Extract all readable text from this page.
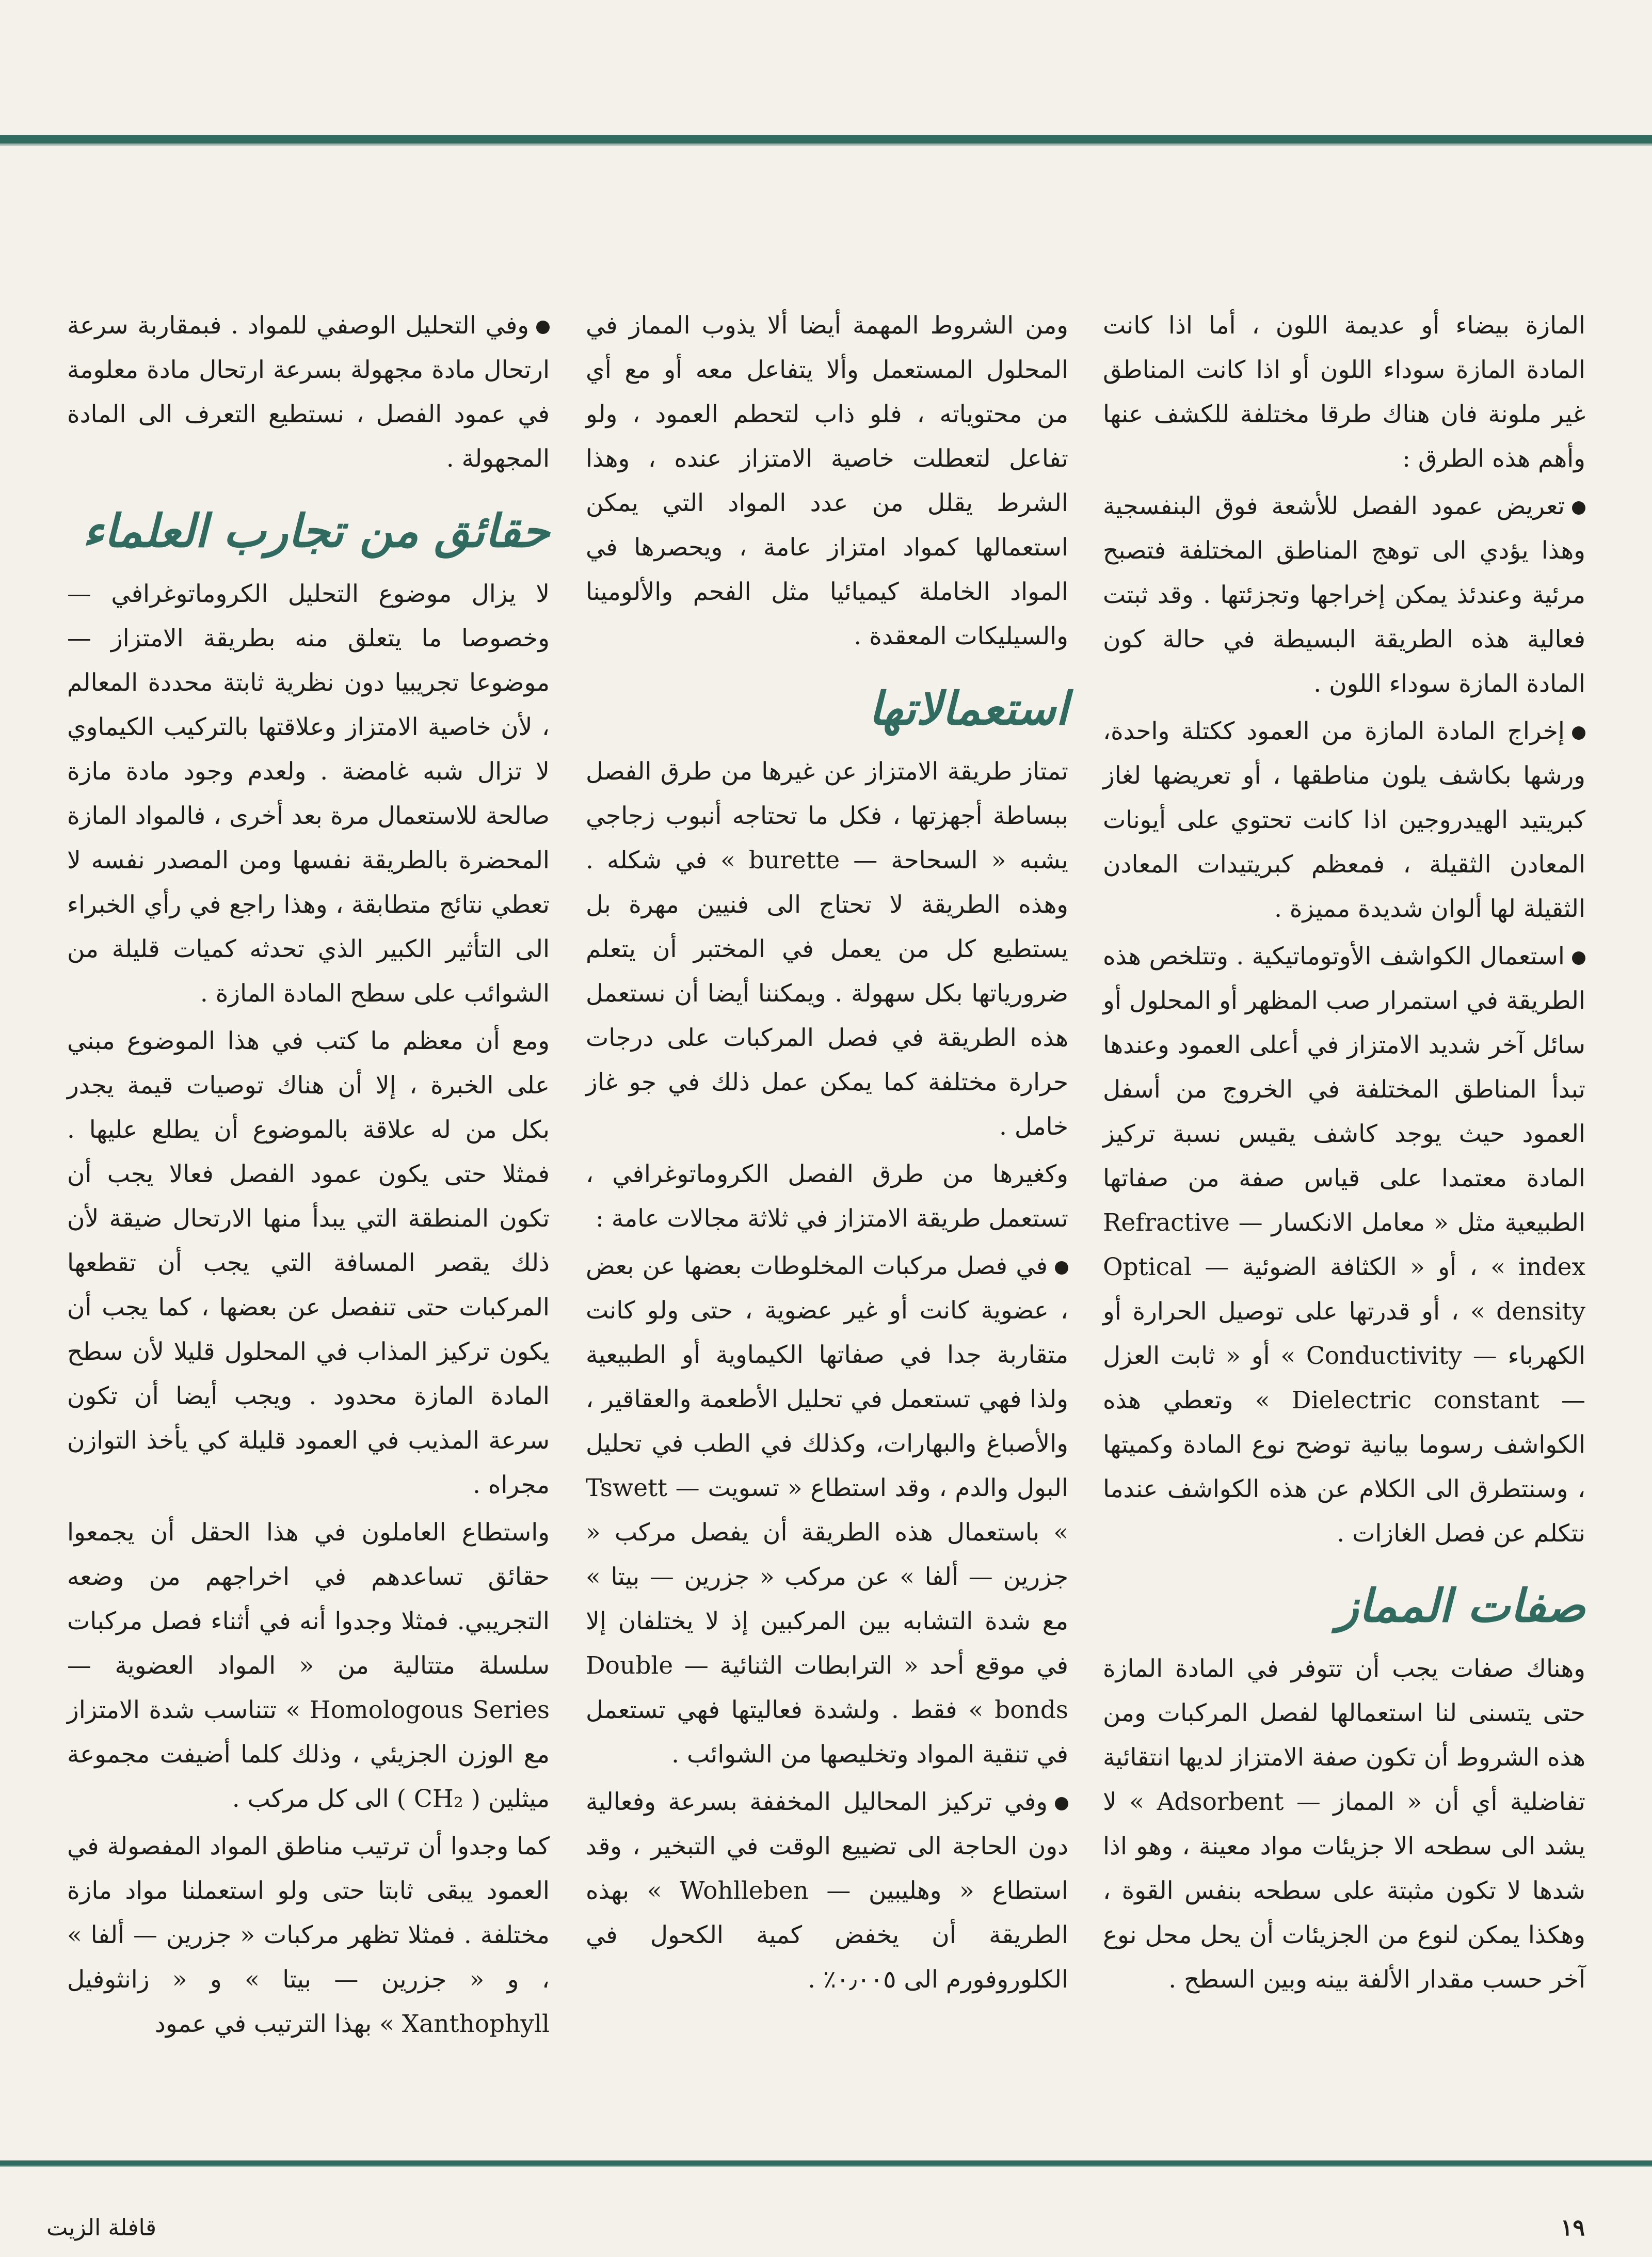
المازة بيضاء أو عديمة اللون ، أما اذا كانت المادة المازة سوداء اللون أو اذا كانت المناطق غير ملونة فان هناك طرقا مختلفة للكشف عنها وأهم هذه الطرق :

تعريض عمود الفصل للأشعة فوق البنفسجية وهذا يؤدي الى توهج المناطق المختلفة فتصبح مرئية وعندئذ يمكن إخراجها وتجزئتها . وقد ثبتت فعالية هذه الطريقة البسيطة في حالة كون المادة المازة سوداء اللون .

إخراج المادة المازة من العمود ككتلة واحدة، ورشها بكاشف يلون مناطقها ، أو تعريضها لغاز كبريتيد الهيدروجين اذا كانت تحتوي على أيونات المعادن الثقيلة ، فمعظم كبريتيدات المعادن الثقيلة لها ألوان شديدة مميزة .

استعمال الكواشف الأوتوماتيكية . وتتلخص هذه الطريقة في استمرار صب المظهر أو المحلول أو سائل آخر شديد الامتزاز في أعلى العمود وعندها تبدأ المناطق المختلفة في الخروج من أسفل العمود حيث يوجد كاشف يقيس نسبة تركيز المادة معتمدا على قياس صفة من صفاتها الطبيعية مثل « معامل الانكسار — Refractive index » ، أو « الكثافة الضوئية — Optical density » ، أو قدرتها على توصيل الحرارة أو الكهرباء — Conductivity » أو « ثابت العزل — Dielectric constant » وتعطي هذه الكواشف رسوما بيانية توضح نوع المادة وكميتها ، وسنتطرق الى الكلام عن هذه الكواشف عندما نتكلم عن فصل الغازات .

صفات المماز

وهناك صفات يجب أن تتوفر في المادة المازة حتى يتسنى لنا استعمالها لفصل المركبات ومن هذه الشروط أن تكون صفة الامتزاز لديها انتقائية تفاضلية أي أن « المماز — Adsorbent » لا يشد الى سطحه الا جزيئات مواد معينة ، وهو اذا شدها لا تكون مثبتة على سطحه بنفس القوة ، وهكذا يمكن لنوع من الجزيئات أن يحل محل نوع آخر حسب مقدار الألفة بينه وبين السطح .

ومن الشروط المهمة أيضا ألا يذوب المماز في المحلول المستعمل وألا يتفاعل معه أو مع أي من محتوياته ، فلو ذاب لتحطم العمود ، ولو تفاعل لتعطلت خاصية الامتزاز عنده ، وهذا الشرط يقلل من عدد المواد التي يمكن استعمالها كمواد امتزاز عامة ، ويحصرها في المواد الخاملة كيميائيا مثل الفحم والألومينا والسيليكات المعقدة .

استعمالاتها

تمتاز طريقة الامتزاز عن غيرها من طرق الفصل ببساطة أجهزتها ، فكل ما تحتاجه أنبوب زجاجي يشبه « السحاحة — burette » في شكله . وهذه الطريقة لا تحتاج الى فنيين مهرة بل يستطيع كل من يعمل في المختبر أن يتعلم ضرورياتها بكل سهولة . ويمكننا أيضا أن نستعمل هذه الطريقة في فصل المركبات على درجات حرارة مختلفة كما يمكن عمل ذلك في جو غاز خامل .

وكغيرها من طرق الفصل الكروماتوغرافي ، تستعمل طريقة الامتزاز في ثلاثة مجالات عامة :

في فصل مركبات المخلوطات بعضها عن بعض ، عضوية كانت أو غير عضوية ، حتى ولو كانت متقاربة جدا في صفاتها الكيماوية أو الطبيعية ولذا فهي تستعمل في تحليل الأطعمة والعقاقير ، والأصباغ والبهارات، وكذلك في الطب في تحليل البول والدم ، وقد استطاع « تسويت — Tswett » باستعمال هذه الطريقة أن يفصل مركب « جزرين — ألفا » عن مركب « جزرين — بيتا » مع شدة التشابه بين المركبين إذ لا يختلفان إلا في موقع أحد « الترابطات الثنائية — Double bonds » فقط . ولشدة فعاليتها فهي تستعمل في تنقية المواد وتخليصها من الشوائب .

وفي تركيز المحاليل المخففة بسرعة وفعالية دون الحاجة الى تضييع الوقت في التبخير ، وقد استطاع « وهليبين — Wohlleben » بهذه الطريقة أن يخفض كمية الكحول في الكلوروفورم الى ٠٫٠٠٥٪ .

وفي التحليل الوصفي للمواد . فبمقاربة سرعة ارتحال مادة مجهولة بسرعة ارتحال مادة معلومة في عمود الفصل ، نستطيع التعرف الى المادة المجهولة .

حقائق من تجارب العلماء

لا يزال موضوع التحليل الكروماتوغرافي — وخصوصا ما يتعلق منه بطريقة الامتزاز — موضوعا تجريبيا دون نظرية ثابتة محددة المعالم ، لأن خاصية الامتزاز وعلاقتها بالتركيب الكيماوي لا تزال شبه غامضة . ولعدم وجود مادة مازة صالحة للاستعمال مرة بعد أخرى ، فالمواد المازة المحضرة بالطريقة نفسها ومن المصدر نفسه لا تعطي نتائج متطابقة ، وهذا راجع في رأي الخبراء الى التأثير الكبير الذي تحدثه كميات قليلة من الشوائب على سطح المادة المازة .

ومع أن معظم ما كتب في هذا الموضوع مبني على الخبرة ، إلا أن هناك توصيات قيمة يجدر بكل من له علاقة بالموضوع أن يطلع عليها . فمثلا حتى يكون عمود الفصل فعالا يجب أن تكون المنطقة التي يبدأ منها الارتحال ضيقة لأن ذلك يقصر المسافة التي يجب أن تقطعها المركبات حتى تنفصل عن بعضها ، كما يجب أن يكون تركيز المذاب في المحلول قليلا لأن سطح المادة المازة محدود . ويجب أيضا أن تكون سرعة المذيب في العمود قليلة كي يأخذ التوازن مجراه .

واستطاع العاملون في هذا الحقل أن يجمعوا حقائق تساعدهم في اخراجهم من وضعه التجريبي. فمثلا وجدوا أنه في أثناء فصل مركبات سلسلة متتالية من « المواد العضوية — Homologous Series » تتناسب شدة الامتزاز مع الوزن الجزيئي ، وذلك كلما أضيفت مجموعة ميثلين ( CH₂ ) الى كل مركب .

كما وجدوا أن ترتيب مناطق المواد المفصولة في العمود يبقى ثابتا حتى ولو استعملنا مواد مازة مختلفة . فمثلا تظهر مركبات « جزرين — ألفا » ، و « جزرين — بيتا » و « زانثوفيل Xanthophyll » بهذا الترتيب في عمود

١٩
قافلة الزيت
